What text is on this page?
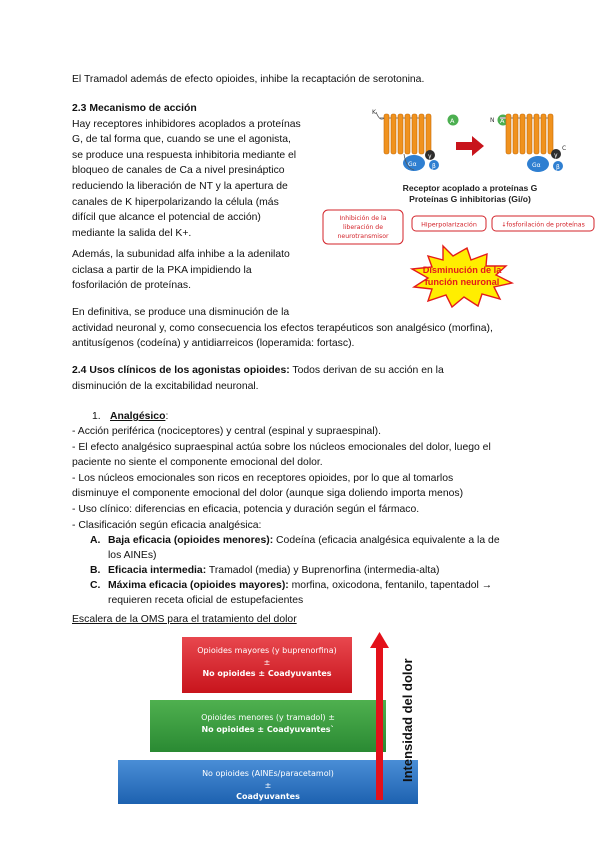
El Tramadol además de efecto opioides, inhibe la recaptación de serotonina.
2.3 Mecanismo de acción
Hay receptores inhibidores acoplados a proteínas
G, de tal forma que, cuando se une el agonista,
se produce una respuesta inhibitoria mediante el
bloqueo de canales de Ca a nivel presináptico
reduciendo la liberación de NT y la apertura de
canales de K hiperpolarizando la célula (más
difícil que alcance el potencial de acción)
mediante la salida del K+.
Además, la subunidad alfa inhibe a la adenilato
ciclasa a partir de la PKA impidiendo la
fosforilación de proteínas.
En definitiva, se produce una disminución de la
actividad neuronal y, como consecuencia los efectos terapéuticos son analgésico (morfina),
antitusígenos (codeína) y antidiarreicos (loperamida: fortasc).
K
Gα
γ
β
A	N A
Gα
γ
β
C
Receptor acoplado a proteínas G
Proteínas G inhibitorias (Gi/o)
Inhibición de la
liberación de
neurotransmisor
Hiperpolarización	↓fosforilación de proteínas
Disminución de la
función neuronal
2.4 Usos clínicos de los agonistas opioides: Todos derivan de su acción en la
disminución de la excitabilidad neuronal.
1. Analgésico:
- Acción periférica (nociceptores) y central (espinal y supraespinal).
- El efecto analgésico supraespinal actúa sobre los núcleos emocionales del dolor, luego el
paciente no siente el componente emocional del dolor.
- Los núcleos emocionales son ricos en receptores opioides, por lo que al tomarlos
disminuye el componente emocional del dolor (aunque siga doliendo importa menos)
- Uso clínico: diferencias en eficacia, potencia y duración según el fármaco.
- Clasificación según eficacia analgésica:
A. Baja eficacia (opioides menores): Codeína (eficacia analgésica equivalente a la de
los AINEs)
B. Eficacia intermedia: Tramadol (media) y Buprenorfina (intermedia-alta)
C. Máxima eficacia (opioides mayores): morfina, oxicodona, fentanilo, tapentadol →
requieren receta oficial de estupefacientes
Escalera de la OMS para el tratamiento del dolor
Opioides mayores (y buprenorfina)
±
No opioides ± Coadyuvantes
Opioides menores (y tramadol) ±
No opioides ± Coadyuvantes`
No opioides (AINEs/paracetamol)
±
Coadyuvantes
Intensidad del dolor
